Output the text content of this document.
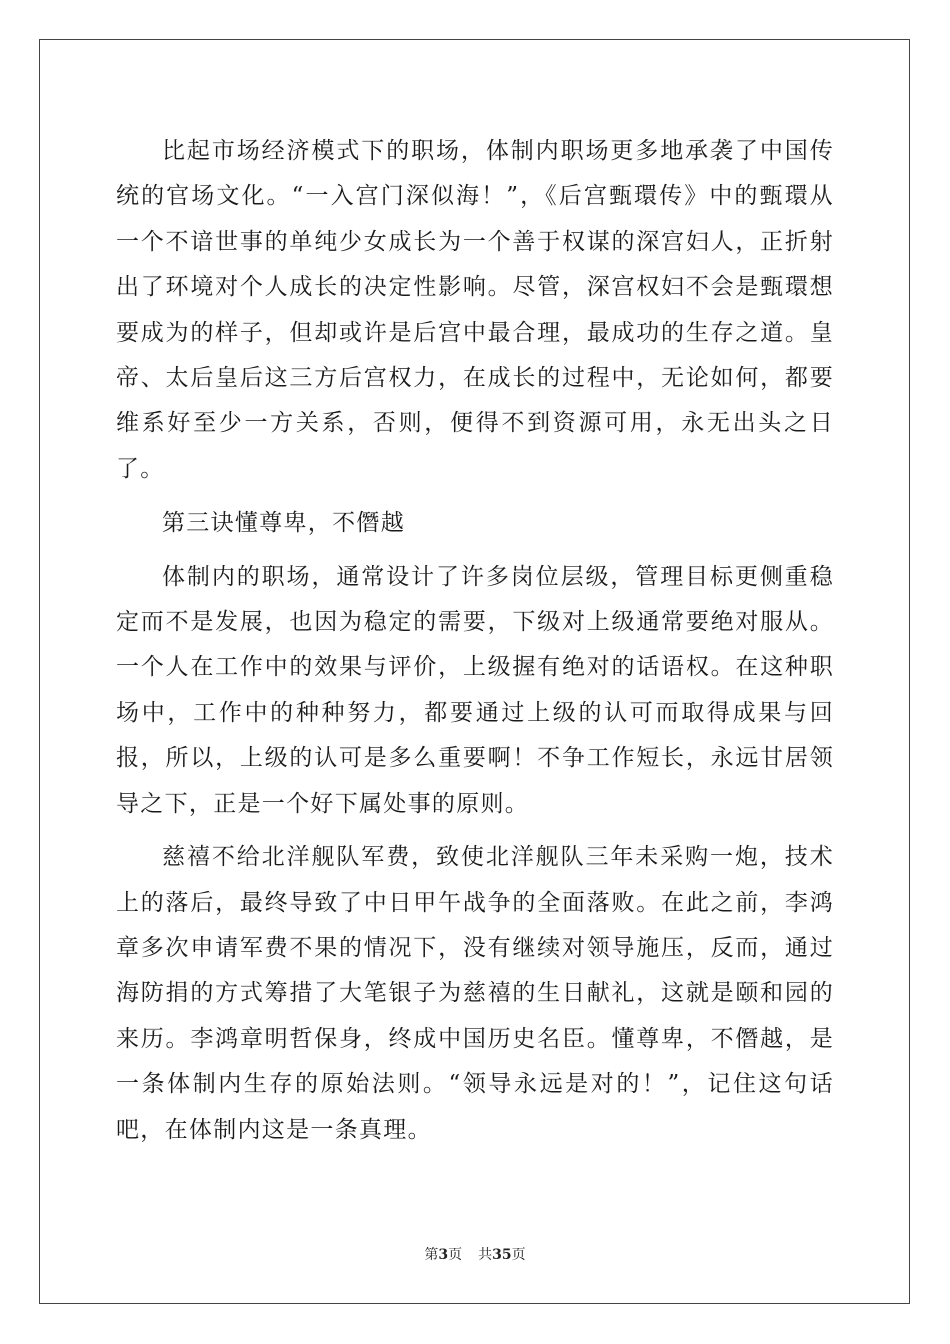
比起市场经济模式下的职场，体制内职场更多地承袭了中国传统的官场文化。“一入宫门深似海！”，《后宫甄環传》中的甄環从一个不谙世事的单纯少女成长为一个善于权谋的深宫妇人，正折射出了环境对个人成长的决定性影响。尽管，深宫权妇不会是甄環想要成为的样子，但却或许是后宫中最合理，最成功的生存之道。皇帝、太后皇后这三方后宫权力，在成长的过程中，无论如何，都要维系好至少一方关系，否则，便得不到资源可用，永无出头之日了。

第三诀懂尊卑，不僭越

体制内的职场，通常设计了许多岗位层级，管理目标更侧重稳定而不是发展，也因为稳定的需要，下级对上级通常要绝对服从。一个人在工作中的效果与评价，上级握有绝对的话语权。在这种职场中，工作中的种种努力，都要通过上级的认可而取得成果与回报，所以，上级的认可是多么重要啊！不争工作短长，永远甘居领导之下，正是一个好下属处事的原则。

慈禧不给北洋舰队军费，致使北洋舰队三年未采购一炮，技术上的落后，最终导致了中日甲午战争的全面落败。在此之前，李鸿章多次申请军费不果的情况下，没有继续对领导施压，反而，通过海防捐的方式筹措了大笔银子为慈禧的生日献礼，这就是颐和园的来历。李鸿章明哲保身，终成中国历史名臣。懂尊卑，不僭越，是一条体制内生存的原始法则。“领导永远是对的！”，记住这句话吧，在体制内这是一条真理。

第3页 共35页
